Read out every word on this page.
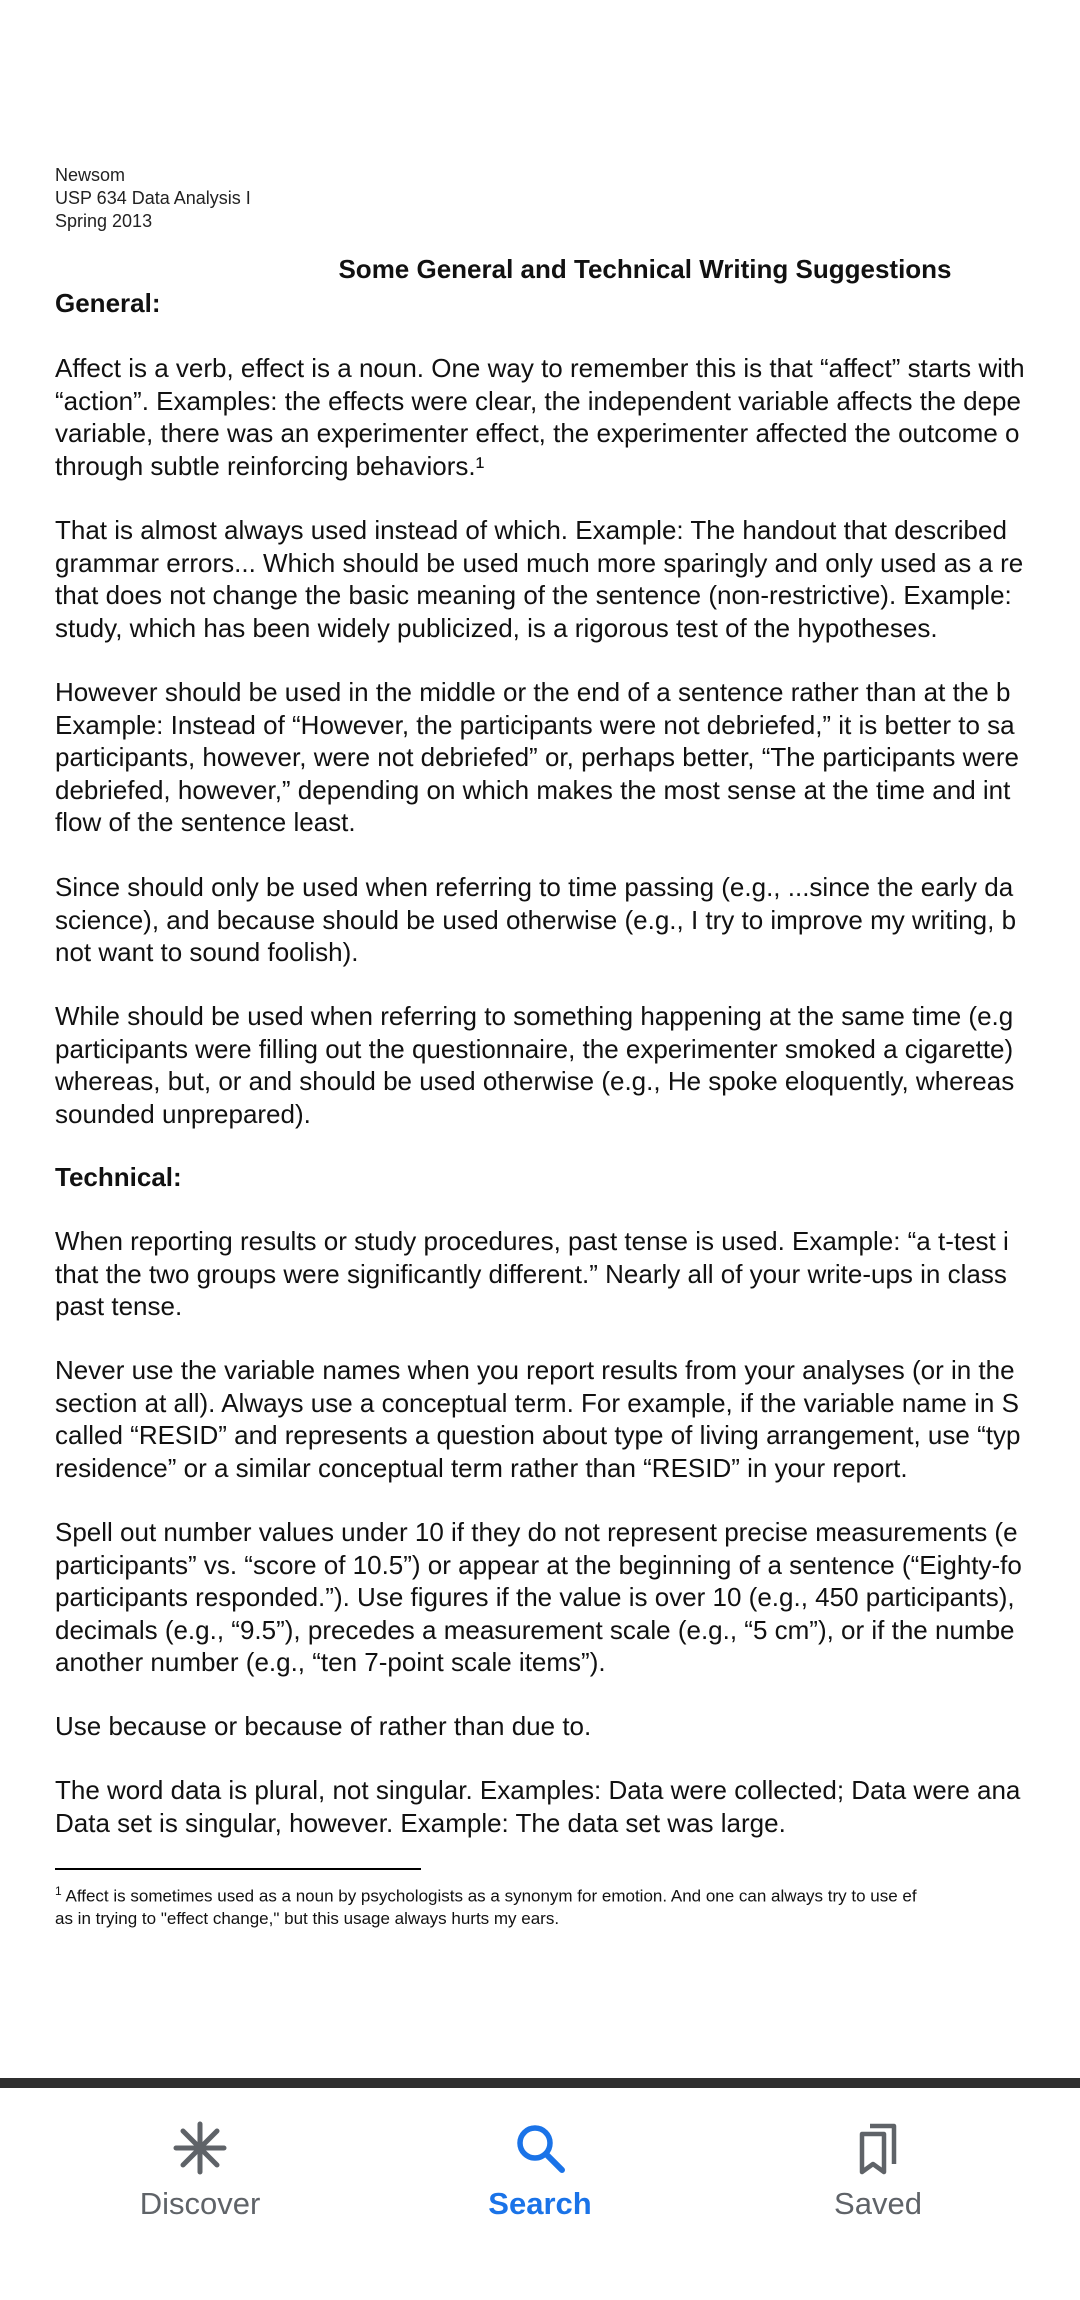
Newsom
USP 634 Data Analysis I
Spring 2013
Some General and Technical Writing Suggestions
General:
Affect is a verb, effect is a noun. One way to remember this is that “affect” starts with
“action”. Examples: the effects were clear, the independent variable affects the depe
variable, there was an experimenter effect, the experimenter affected the outcome o
through subtle reinforcing behaviors.¹
That is almost always used instead of which. Example: The handout that described
grammar errors... Which should be used much more sparingly and only used as a re
that does not change the basic meaning of the sentence (non-restrictive). Example:
study, which has been widely publicized, is a rigorous test of the hypotheses.
However should be used in the middle or the end of a sentence rather than at the b
Example: Instead of “However, the participants were not debriefed,” it is better to sa
participants, however, were not debriefed” or, perhaps better, “The participants were
debriefed, however,” depending on which makes the most sense at the time and int
flow of the sentence least.
Since should only be used when referring to time passing (e.g., ...since the early da
science), and because should be used otherwise (e.g., I try to improve my writing, b
not want to sound foolish).
While should be used when referring to something happening at the same time (e.g
participants were filling out the questionnaire, the experimenter smoked a cigarette)
whereas, but, or and should be used otherwise (e.g., He spoke eloquently, whereas
sounded unprepared).
Technical:
When reporting results or study procedures, past tense is used. Example: “a t-test i
that the two groups were significantly different.” Nearly all of your write-ups in class
past tense.
Never use the variable names when you report results from your analyses (or in the
section at all). Always use a conceptual term. For example, if the variable name in S
called “RESID” and represents a question about type of living arrangement, use “typ
residence” or a similar conceptual term rather than “RESID” in your report.
Spell out number values under 10 if they do not represent precise measurements (e
participants” vs. “score of 10.5”) or appear at the beginning of a sentence (“Eighty-fo
participants responded.”). Use figures if the value is over 10 (e.g., 450 participants),
decimals (e.g., “9.5”), precedes a measurement scale (e.g., “5 cm”), or if the numbe
another number (e.g., “ten 7-point scale items”).
Use because or because of rather than due to.
The word data is plural, not singular. Examples: Data were collected; Data were ana
Data set is singular, however. Example: The data set was large.
$^1$ Affect is sometimes used as a noun by psychologists as a synonym for emotion. And one can always try to use ef
as in trying to "effect change," but this usage always hurts my ears.
Discover	Search	Saved
